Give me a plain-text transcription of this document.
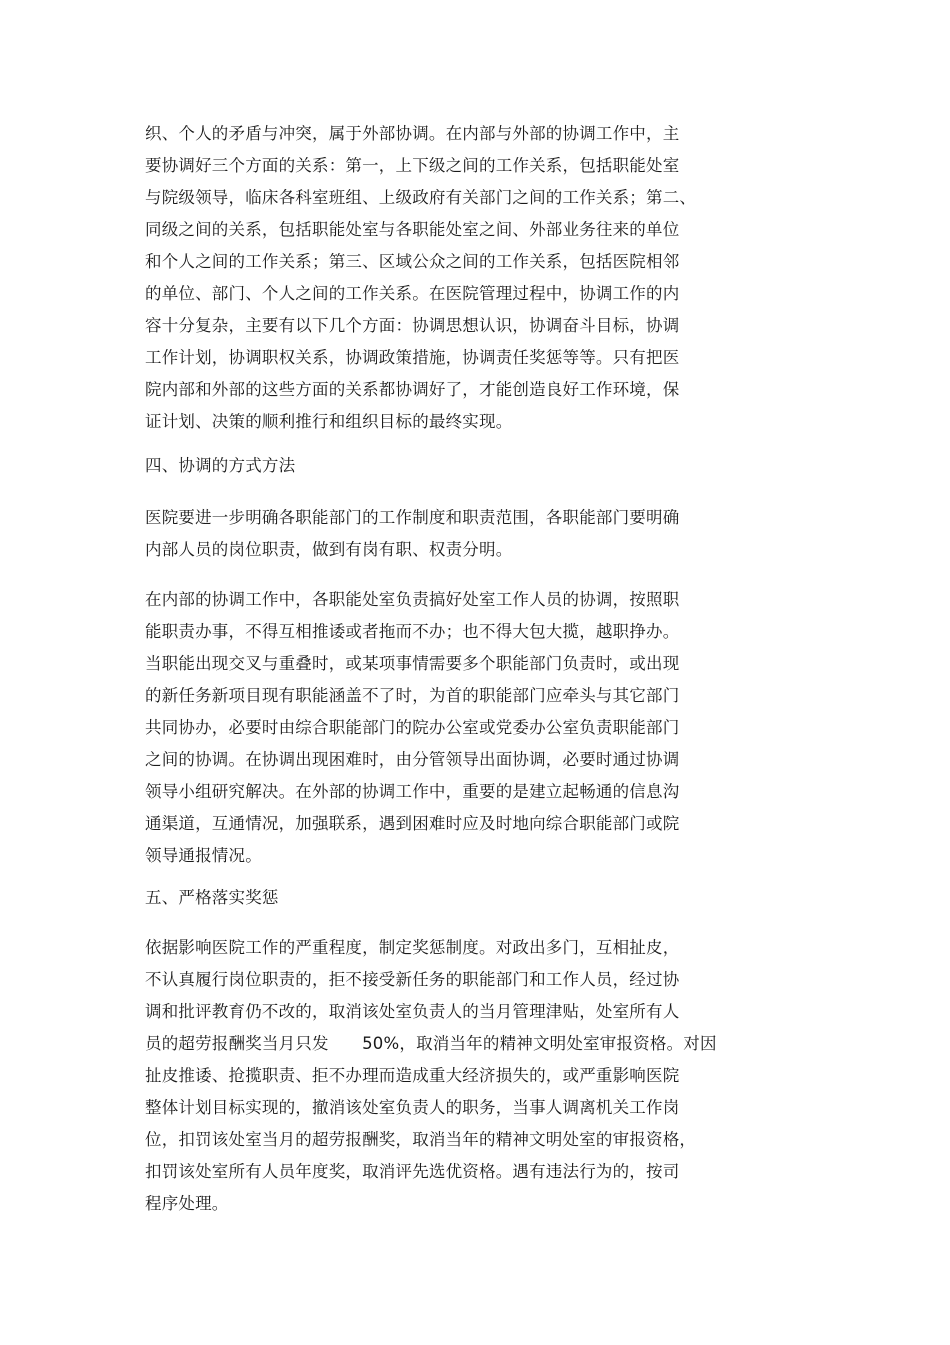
织、个人的矛盾与冲突，属于外部协调。在内部与外部的协调工作中，主
要协调好三个方面的关系：第一，上下级之间的工作关系，包括职能处室
与院级领导，临床各科室班组、上级政府有关部门之间的工作关系；第二、
同级之间的关系，包括职能处室与各职能处室之间、外部业务往来的单位
和个人之间的工作关系；第三、区域公众之间的工作关系，包括医院相邻
的单位、部门、个人之间的工作关系。在医院管理过程中，协调工作的内
容十分复杂，主要有以下几个方面：协调思想认识，协调奋斗目标，协调
工作计划，协调职权关系，协调政策措施，协调责任奖惩等等。只有把医
院内部和外部的这些方面的关系都协调好了，才能创造良好工作环境，保
证计划、决策的顺利推行和组织目标的最终实现。
四、协调的方式方法
医院要进一步明确各职能部门的工作制度和职责范围，各职能部门要明确
内部人员的岗位职责，做到有岗有职、权责分明。
在内部的协调工作中，各职能处室负责搞好处室工作人员的协调，按照职
能职责办事，不得互相推诿或者拖而不办；也不得大包大揽，越职挣办。
当职能出现交叉与重叠时，或某项事情需要多个职能部门负责时，或出现
的新任务新项目现有职能涵盖不了时，为首的职能部门应牵头与其它部门
共同协办，必要时由综合职能部门的院办公室或党委办公室负责职能部门
之间的协调。在协调出现困难时，由分管领导出面协调，必要时通过协调
领导小组研究解决。在外部的协调工作中，重要的是建立起畅通的信息沟
通渠道，互通情况，加强联系，遇到困难时应及时地向综合职能部门或院
领导通报情况。
五、严格落实奖惩
依据影响医院工作的严重程度，制定奖惩制度。对政出多门，互相扯皮，
不认真履行岗位职责的，拒不接受新任务的职能部门和工作人员，经过协
调和批评教育仍不改的，取消该处室负责人的当月管理津贴，处室所有人
员的超劳报酬奖当月只发　　50%，取消当年的精神文明处室审报资格。对因
扯皮推诿、抢揽职责、拒不办理而造成重大经济损失的，或严重影响医院
整体计划目标实现的，撤消该处室负责人的职务，当事人调离机关工作岗
位，扣罚该处室当月的超劳报酬奖，取消当年的精神文明处室的审报资格，
扣罚该处室所有人员年度奖，取消评先选优资格。遇有违法行为的，按司
程序处理。
